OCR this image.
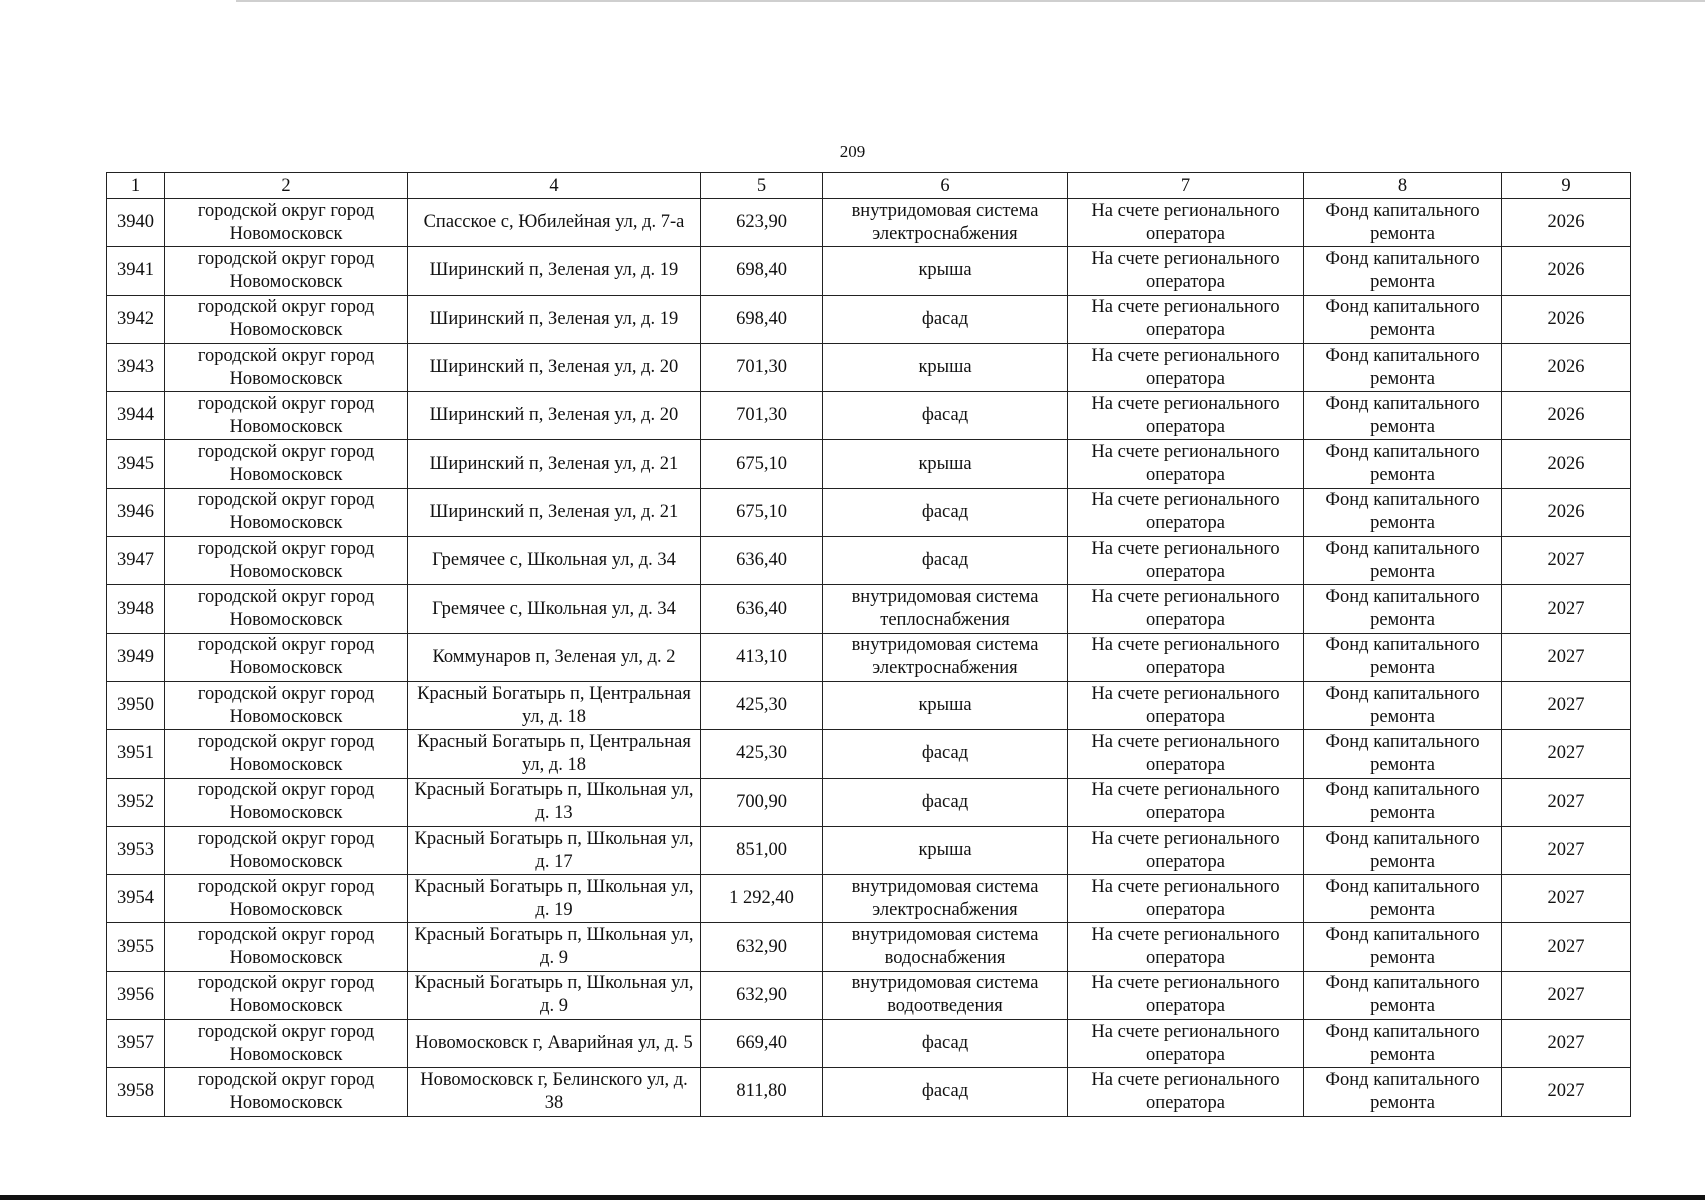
209
1	2	4	5	6	7	8	9
3940	городской округ город Новомосковск	Спасское с, Юбилейная ул, д. 7-а	623,90	внутридомовая система электроснабжения	На счете регионального оператора	Фонд капитального ремонта	2026
3941	городской округ город Новомосковск	Ширинский п, Зеленая ул, д. 19	698,40	крыша	На счете регионального оператора	Фонд капитального ремонта	2026
3942	городской округ город Новомосковск	Ширинский п, Зеленая ул, д. 19	698,40	фасад	На счете регионального оператора	Фонд капитального ремонта	2026
3943	городской округ город Новомосковск	Ширинский п, Зеленая ул, д. 20	701,30	крыша	На счете регионального оператора	Фонд капитального ремонта	2026
3944	городской округ город Новомосковск	Ширинский п, Зеленая ул, д. 20	701,30	фасад	На счете регионального оператора	Фонд капитального ремонта	2026
3945	городской округ город Новомосковск	Ширинский п, Зеленая ул, д. 21	675,10	крыша	На счете регионального оператора	Фонд капитального ремонта	2026
3946	городской округ город Новомосковск	Ширинский п, Зеленая ул, д. 21	675,10	фасад	На счете регионального оператора	Фонд капитального ремонта	2026
3947	городской округ город Новомосковск	Гремячее с, Школьная ул, д. 34	636,40	фасад	На счете регионального оператора	Фонд капитального ремонта	2027
3948	городской округ город Новомосковск	Гремячее с, Школьная ул, д. 34	636,40	внутридомовая система теплоснабжения	На счете регионального оператора	Фонд капитального ремонта	2027
3949	городской округ город Новомосковск	Коммунаров п, Зеленая ул, д. 2	413,10	внутридомовая система электроснабжения	На счете регионального оператора	Фонд капитального ремонта	2027
3950	городской округ город Новомосковск	Красный Богатырь п, Центральная ул, д. 18	425,30	крыша	На счете регионального оператора	Фонд капитального ремонта	2027
3951	городской округ город Новомосковск	Красный Богатырь п, Центральная ул, д. 18	425,30	фасад	На счете регионального оператора	Фонд капитального ремонта	2027
3952	городской округ город Новомосковск	Красный Богатырь п, Школьная ул, д. 13	700,90	фасад	На счете регионального оператора	Фонд капитального ремонта	2027
3953	городской округ город Новомосковск	Красный Богатырь п, Школьная ул, д. 17	851,00	крыша	На счете регионального оператора	Фонд капитального ремонта	2027
3954	городской округ город Новомосковск	Красный Богатырь п, Школьная ул, д. 19	1 292,40	внутридомовая система электроснабжения	На счете регионального оператора	Фонд капитального ремонта	2027
3955	городской округ город Новомосковск	Красный Богатырь п, Школьная ул, д. 9	632,90	внутридомовая система водоснабжения	На счете регионального оператора	Фонд капитального ремонта	2027
3956	городской округ город Новомосковск	Красный Богатырь п, Школьная ул, д. 9	632,90	внутридомовая система водоотведения	На счете регионального оператора	Фонд капитального ремонта	2027
3957	городской округ город Новомосковск	Новомосковск г, Аварийная ул, д. 5	669,40	фасад	На счете регионального оператора	Фонд капитального ремонта	2027
3958	городской округ город Новомосковск	Новомосковск г, Белинского ул, д. 38	811,80	фасад	На счете регионального оператора	Фонд капитального ремонта	2027
